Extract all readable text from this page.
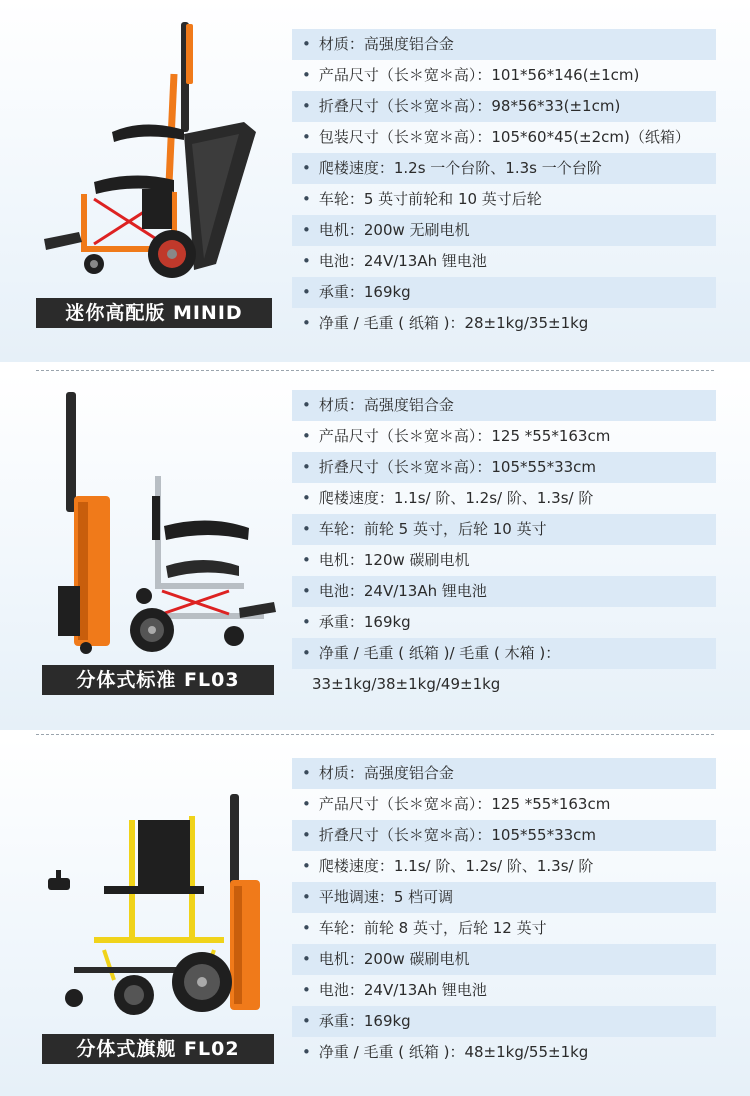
迷你高配版 MINID
• 材质：高强度铝合金
• 产品尺寸（长＊宽＊高）：101*56*146(±1cm)
• 折叠尺寸（长＊宽＊高）：98*56*33(±1cm)
• 包装尺寸（长＊宽＊高）：105*60*45(±2cm)（纸箱）
• 爬楼速度：1.2s 一个台阶、1.3s 一个台阶
• 车轮：5 英寸前轮和 10 英寸后轮
• 电机：200w 无刷电机
• 电池：24V/13Ah 锂电池
• 承重：169kg
• 净重 / 毛重 ( 纸箱 )：28±1kg/35±1kg
分体式标准 FL03
• 材质：高强度铝合金
• 产品尺寸（长＊宽＊高）：125 *55*163cm
• 折叠尺寸（长＊宽＊高）：105*55*33cm
• 爬楼速度：1.1s/ 阶、1.2s/ 阶、1.3s/ 阶
• 车轮：前轮 5 英寸，后轮 10 英寸
• 电机：120w 碳刷电机
• 电池：24V/13Ah 锂电池
• 承重：169kg
• 净重 / 毛重 ( 纸箱 )/ 毛重 ( 木箱 )：
33±1kg/38±1kg/49±1kg
分体式旗舰 FL02
• 材质：高强度铝合金
• 产品尺寸（长＊宽＊高）：125 *55*163cm
• 折叠尺寸（长＊宽＊高）：105*55*33cm
• 爬楼速度：1.1s/ 阶、1.2s/ 阶、1.3s/ 阶
• 平地调速：5 档可调
• 车轮：前轮 8 英寸，后轮 12 英寸
• 电机：200w 碳刷电机
• 电池：24V/13Ah 锂电池
• 承重：169kg
• 净重 / 毛重 ( 纸箱 )：48±1kg/55±1kg
